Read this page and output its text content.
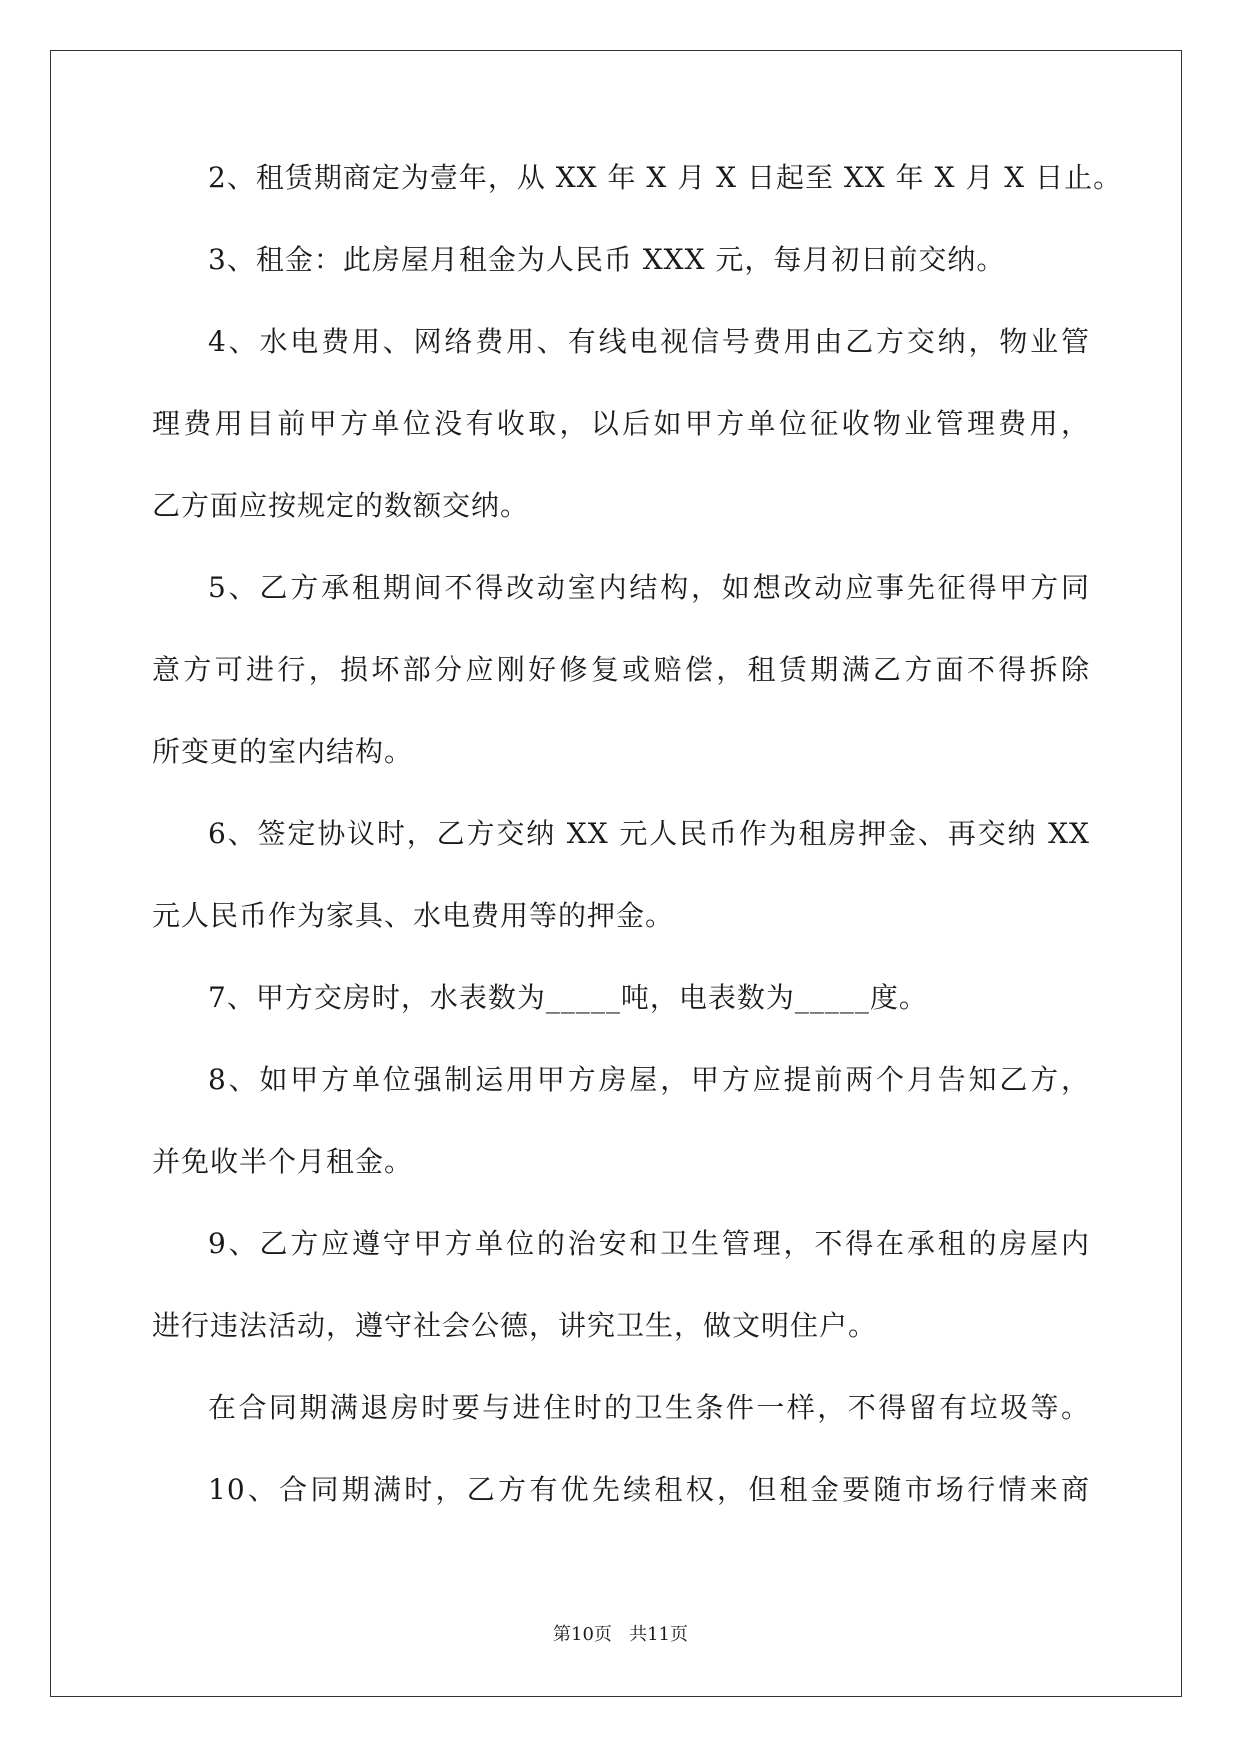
2、租赁期商定为壹年，从 XX 年 X 月 X 日起至 XX 年 X 月 X 日止。
3、租金：此房屋月租金为人民币 XXX 元，每月初日前交纳。
4、水电费用、网络费用、有线电视信号费用由乙方交纳，物业管
理费用目前甲方单位没有收取，以后如甲方单位征收物业管理费用，
乙方面应按规定的数额交纳。
5、乙方承租期间不得改动室内结构，如想改动应事先征得甲方同
意方可进行，损坏部分应刚好修复或赔偿，租赁期满乙方面不得拆除
所变更的室内结构。
6、签定协议时，乙方交纳 XX 元人民币作为租房押金、再交纳 XX
元人民币作为家具、水电费用等的押金。
7、甲方交房时，水表数为_____吨，电表数为_____度。
8、如甲方单位强制运用甲方房屋，甲方应提前两个月告知乙方，
并免收半个月租金。
9、乙方应遵守甲方单位的治安和卫生管理，不得在承租的房屋内
进行违法活动，遵守社会公德，讲究卫生，做文明住户。
在合同期满退房时要与进住时的卫生条件一样，不得留有垃圾等。
10、合同期满时，乙方有优先续租权，但租金要随市场行情来商
第10页   共11页
